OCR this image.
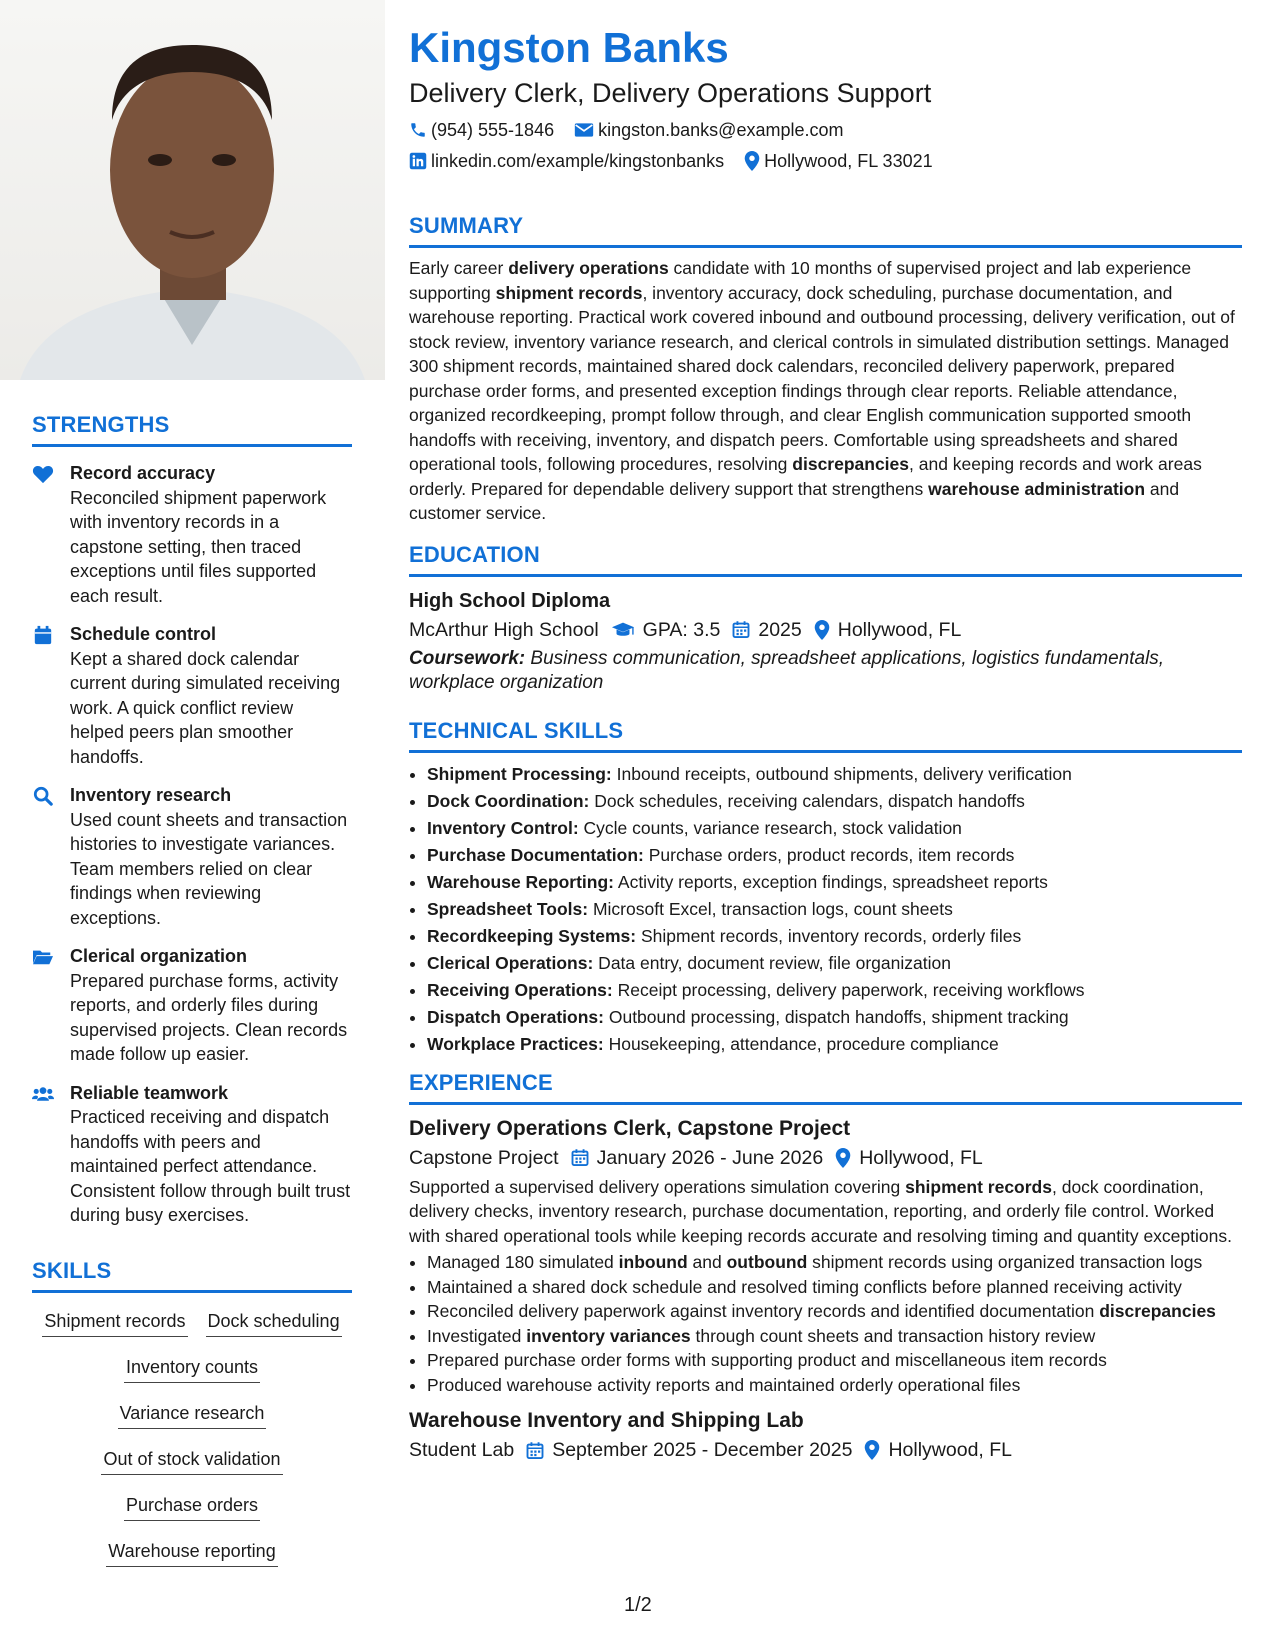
STRENGTHS
Record accuracy
Reconciled shipment paperwork with inventory records in a capstone setting, then traced exceptions until files supported each result.
Schedule control
Kept a shared dock calendar current during simulated receiving work. A quick conflict review helped peers plan smoother handoffs.
Inventory research
Used count sheets and transaction histories to investigate variances. Team members relied on clear findings when reviewing exceptions.
Clerical organization
Prepared purchase forms, activity reports, and orderly files during supervised projects. Clean records made follow up easier.
Reliable teamwork
Practiced receiving and dispatch handoffs with peers and maintained perfect attendance. Consistent follow through built trust during busy exercises.
SKILLS
Shipment records Dock scheduling
Inventory counts
Variance research
Out of stock validation
Purchase orders
Warehouse reporting
Kingston Banks
Delivery Clerk, Delivery Operations Support
(954) 555-1846 kingston.banks@example.com
linkedin.com/example/kingstonbanks Hollywood, FL 33021
SUMMARY
Early career delivery operations candidate with 10 months of supervised project and lab experience supporting shipment records, inventory accuracy, dock scheduling, purchase documentation, and warehouse reporting. Practical work covered inbound and outbound processing, delivery verification, out of stock review, inventory variance research, and clerical controls in simulated distribution settings. Managed 300 shipment records, maintained shared dock calendars, reconciled delivery paperwork, prepared purchase order forms, and presented exception findings through clear reports. Reliable attendance, organized recordkeeping, prompt follow through, and clear English communication supported smooth handoffs with receiving, inventory, and dispatch peers. Comfortable using spreadsheets and shared operational tools, following procedures, resolving discrepancies, and keeping records and work areas orderly. Prepared for dependable delivery support that strengthens warehouse administration and customer service.
EDUCATION
High School Diploma
McArthur High School GPA: 3.5 2025 Hollywood, FL
Coursework: Business communication, spreadsheet applications, logistics fundamentals, workplace organization
TECHNICAL SKILLS
• Shipment Processing: Inbound receipts, outbound shipments, delivery verification
• Dock Coordination: Dock schedules, receiving calendars, dispatch handoffs
• Inventory Control: Cycle counts, variance research, stock validation
• Purchase Documentation: Purchase orders, product records, item records
• Warehouse Reporting: Activity reports, exception findings, spreadsheet reports
• Spreadsheet Tools: Microsoft Excel, transaction logs, count sheets
• Recordkeeping Systems: Shipment records, inventory records, orderly files
• Clerical Operations: Data entry, document review, file organization
• Receiving Operations: Receipt processing, delivery paperwork, receiving workflows
• Dispatch Operations: Outbound processing, dispatch handoffs, shipment tracking
• Workplace Practices: Housekeeping, attendance, procedure compliance
EXPERIENCE
Delivery Operations Clerk, Capstone Project
Capstone Project January 2026 - June 2026 Hollywood, FL
Supported a supervised delivery operations simulation covering shipment records, dock coordination, delivery checks, inventory research, purchase documentation, reporting, and orderly file control. Worked with shared operational tools while keeping records accurate and resolving timing and quantity exceptions.
• Managed 180 simulated inbound and outbound shipment records using organized transaction logs
• Maintained a shared dock schedule and resolved timing conflicts before planned receiving activity
• Reconciled delivery paperwork against inventory records and identified documentation discrepancies
• Investigated inventory variances through count sheets and transaction history review
• Prepared purchase order forms with supporting product and miscellaneous item records
• Produced warehouse activity reports and maintained orderly operational files
Warehouse Inventory and Shipping Lab
Student Lab September 2025 - December 2025 Hollywood, FL
1/2
